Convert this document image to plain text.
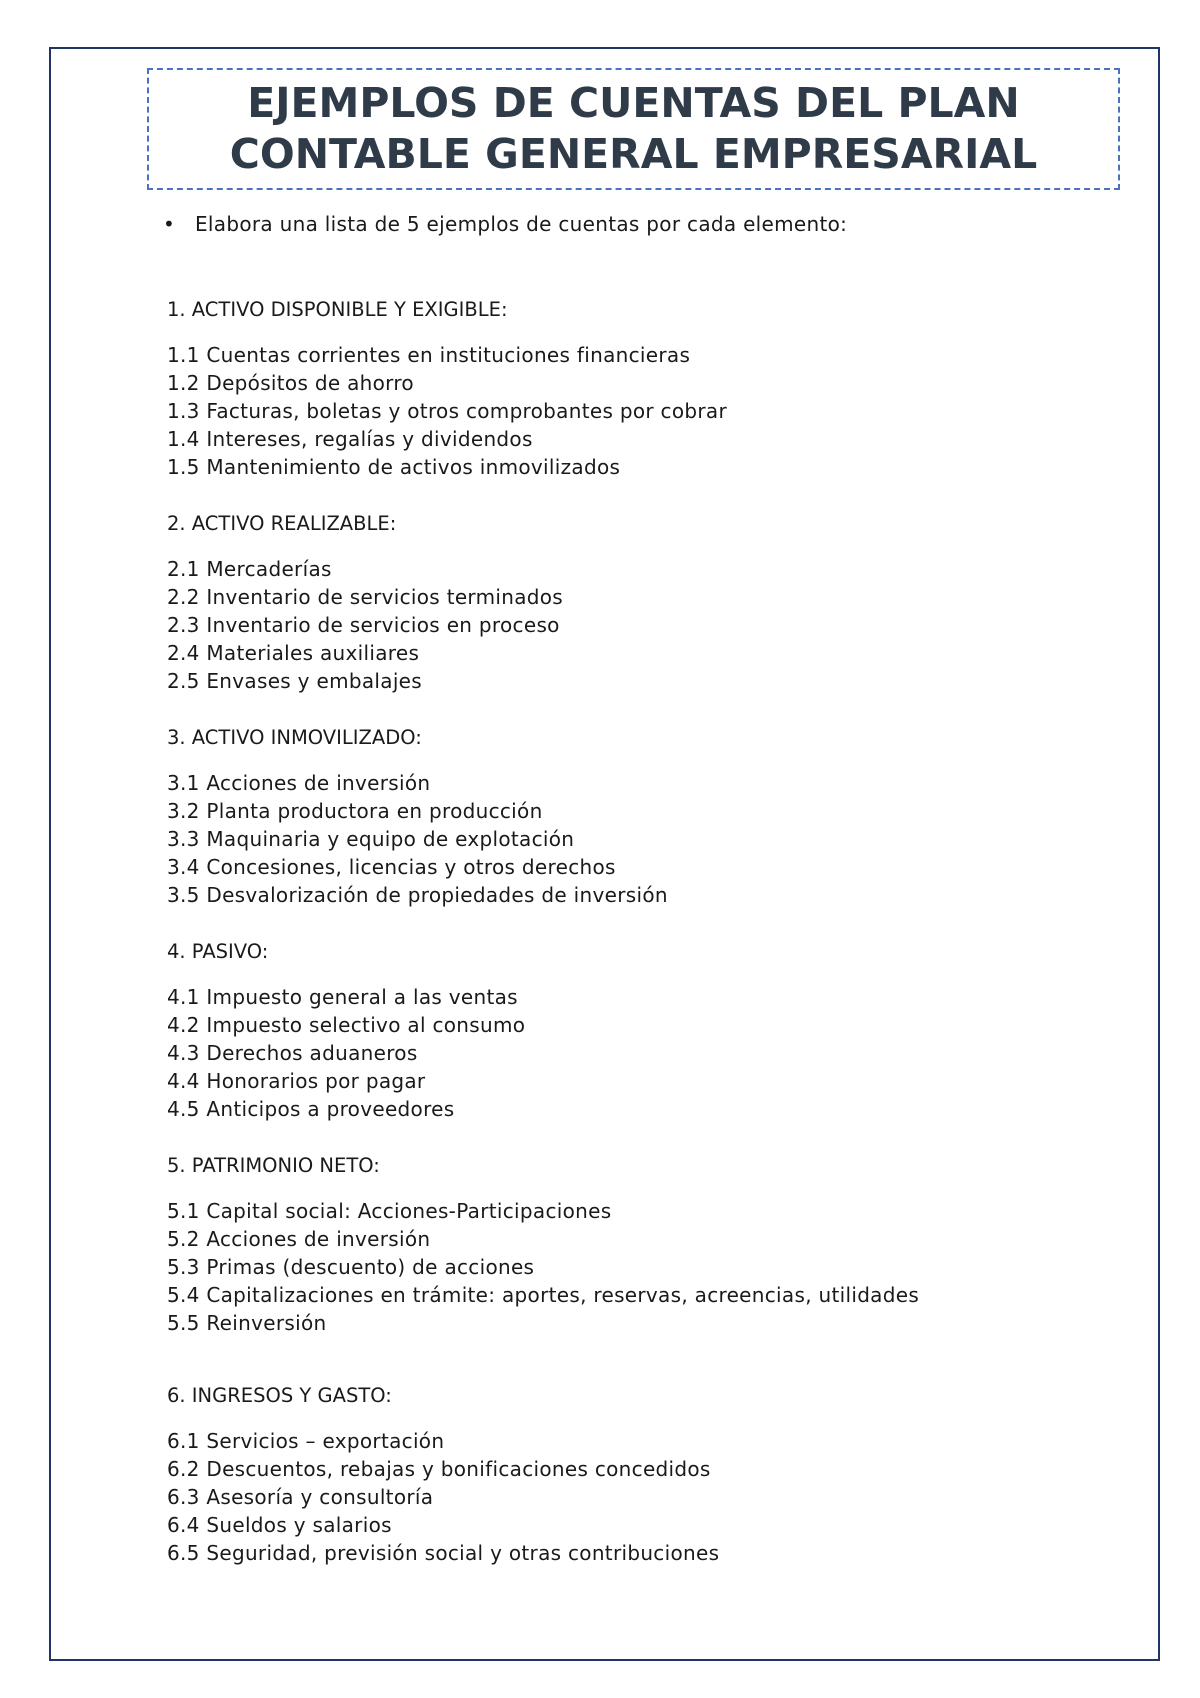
EJEMPLOS DE CUENTAS DEL PLAN
CONTABLE GENERAL EMPRESARIAL
• Elabora una lista de 5 ejemplos de cuentas por cada elemento:
1. ACTIVO DISPONIBLE Y EXIGIBLE:
1.1 Cuentas corrientes en instituciones financieras
1.2 Depósitos de ahorro
1.3 Facturas, boletas y otros comprobantes por cobrar
1.4 Intereses, regalías y dividendos
1.5 Mantenimiento de activos inmovilizados
2. ACTIVO REALIZABLE:
2.1 Mercaderías
2.2 Inventario de servicios terminados
2.3 Inventario de servicios en proceso
2.4 Materiales auxiliares
2.5 Envases y embalajes
3. ACTIVO INMOVILIZADO:
3.1 Acciones de inversión
3.2 Planta productora en producción
3.3 Maquinaria y equipo de explotación
3.4 Concesiones, licencias y otros derechos
3.5 Desvalorización de propiedades de inversión
4. PASIVO:
4.1 Impuesto general a las ventas
4.2 Impuesto selectivo al consumo
4.3 Derechos aduaneros
4.4 Honorarios por pagar
4.5 Anticipos a proveedores
5. PATRIMONIO NETO:
5.1 Capital social: Acciones-Participaciones
5.2 Acciones de inversión
5.3 Primas (descuento) de acciones
5.4 Capitalizaciones en trámite: aportes, reservas, acreencias, utilidades
5.5 Reinversión
6. INGRESOS Y GASTO:
6.1 Servicios – exportación
6.2 Descuentos, rebajas y bonificaciones concedidos
6.3 Asesoría y consultoría
6.4 Sueldos y salarios
6.5 Seguridad, previsión social y otras contribuciones
